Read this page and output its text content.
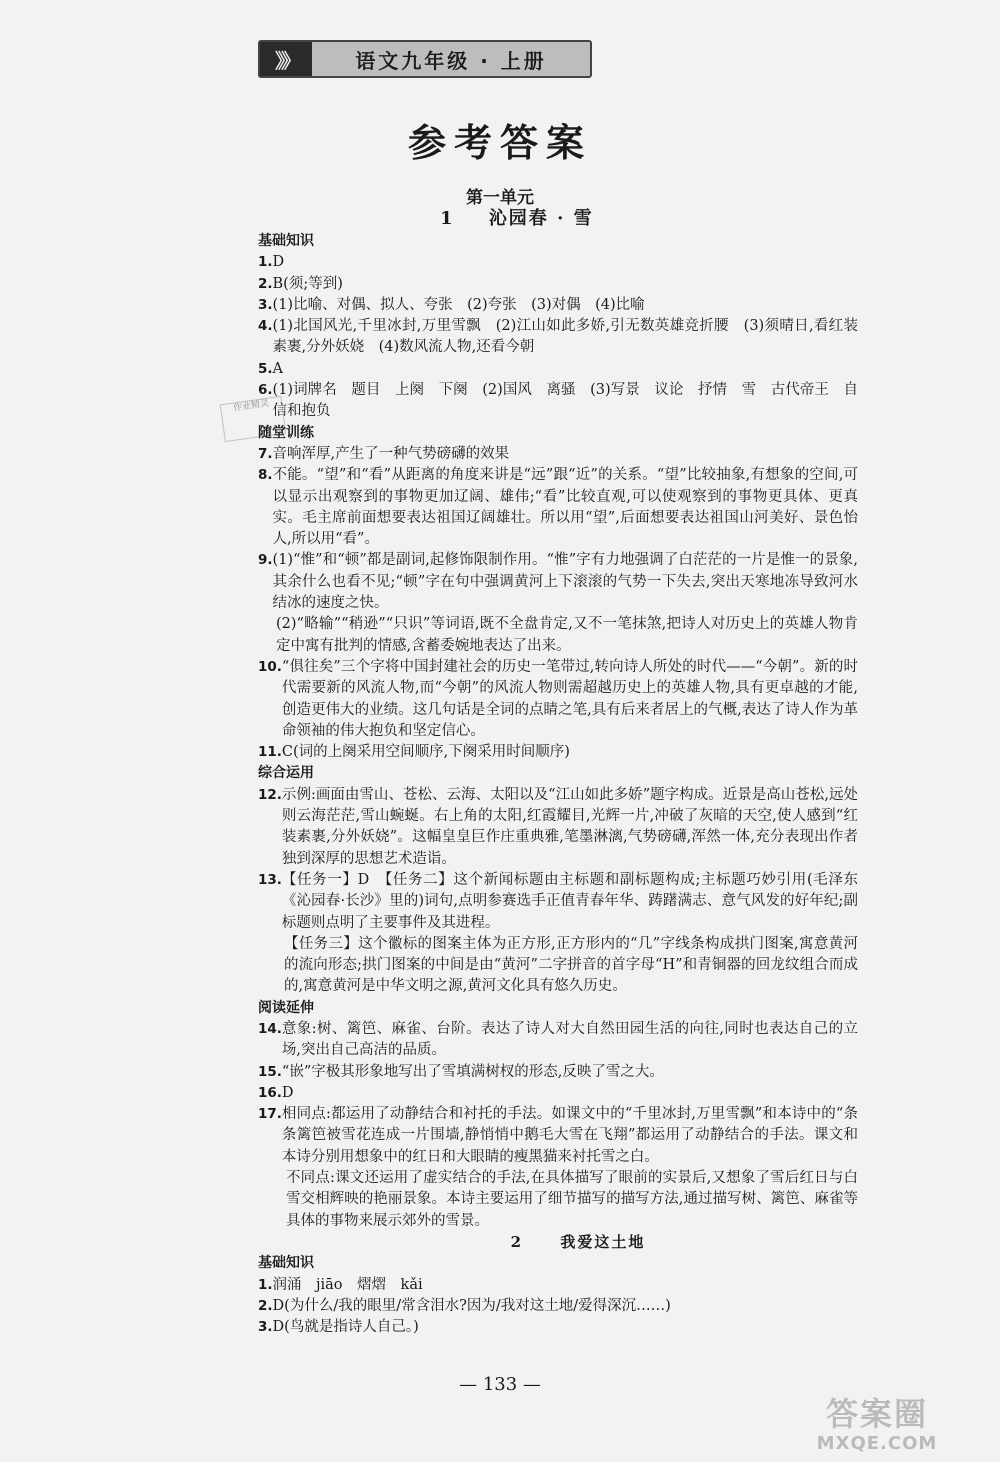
》》	语文九年级 · 上册
参考答案
第一单元
1 沁园春 · 雪
作业精灵
基础知识
1. D
2. B(须;等到)
3. (1)比喻、对偶、拟人、夸张　(2)夸张　(3)对偶　(4)比喻
4. (1)北国风光,千里冰封,万里雪飘　(2)江山如此多娇,引无数英雄竞折腰　(3)须晴日,看红装素裹,分外妖娆　(4)数风流人物,还看今朝
5. A
6. (1)词牌名　题目　上阕　下阕　(2)国风　离骚　(3)写景　议论　抒情　雪　古代帝王　自信和抱负
随堂训练
7. 音响浑厚,产生了一种气势磅礴的效果
8. 不能。“望”和“看”从距离的角度来讲是“远”跟“近”的关系。“望”比较抽象,有想象的空间,可以显示出观察到的事物更加辽阔、雄伟;“看”比较直观,可以使观察到的事物更具体、更真实。毛主席前面想要表达祖国辽阔雄壮。所以用“望”,后面想要表达祖国山河美好、景色怡人,所以用“看”。
9. (1)“惟”和“顿”都是副词,起修饰限制作用。“惟”字有力地强调了白茫茫的一片是惟一的景象,其余什么也看不见;“顿”字在句中强调黄河上下滚滚的气势一下失去,突出天寒地冻导致河水结冰的速度之快。
(2)“略输”“稍逊”“只识”等词语,既不全盘肯定,又不一笔抹煞,把诗人对历史上的英雄人物肯定中寓有批判的情感,含蓄委婉地表达了出来。
10. “俱往矣”三个字将中国封建社会的历史一笔带过,转向诗人所处的时代——“今朝”。新的时代需要新的风流人物,而“今朝”的风流人物则需超越历史上的英雄人物,具有更卓越的才能,创造更伟大的业绩。这几句话是全词的点睛之笔,具有后来者居上的气概,表达了诗人作为革命领袖的伟大抱负和坚定信心。
11. C(词的上阕采用空间顺序,下阕采用时间顺序)
综合运用
12. 示例:画面由雪山、苍松、云海、太阳以及“江山如此多娇”题字构成。近景是高山苍松,远处则云海茫茫,雪山蜿蜒。右上角的太阳,红霞耀目,光辉一片,冲破了灰暗的天空,使人感到“红装素裹,分外妖娆”。这幅皇皇巨作庄重典雅,笔墨淋漓,气势磅礴,浑然一体,充分表现出作者独到深厚的思想艺术造诣。
13. 【任务一】D　【任务二】这个新闻标题由主标题和副标题构成;主标题巧妙引用(毛泽东《沁园春·长沙》里的)词句,点明参赛选手正值青春年华、踌躇满志、意气风发的好年纪;副标题则点明了主要事件及其进程。
【任务三】这个徽标的图案主体为正方形,正方形内的“几”字线条构成拱门图案,寓意黄河的流向形态;拱门图案的中间是由“黄河”二字拼音的首字母“H”和青铜器的回龙纹组合而成的,寓意黄河是中华文明之源,黄河文化具有悠久历史。
阅读延伸
14. 意象:树、篱笆、麻雀、台阶。表达了诗人对大自然田园生活的向往,同时也表达自己的立场,突出自己高洁的品质。
15. “嵌”字极其形象地写出了雪填满树杈的形态,反映了雪之大。
16. D
17. 相同点:都运用了动静结合和衬托的手法。如课文中的“千里冰封,万里雪飘”和本诗中的“条条篱笆被雪花连成一片围墙,静悄悄中鹅毛大雪在飞翔”都运用了动静结合的手法。课文和本诗分别用想象中的红日和大眼睛的瘦黑猫来衬托雪之白。
不同点:课文还运用了虚实结合的手法,在具体描写了眼前的实景后,又想象了雪后红日与白雪交相辉映的艳丽景象。本诗主要运用了细节描写的描写方法,通过描写树、篱笆、麻雀等具体的事物来展示郊外的雪景。
2 我爱这土地
基础知识
1. 润涌　jiāo　熠熠　kǎi
2. D(为什么/我的眼里/常含泪水?因为/我对这土地/爱得深沉……)
3. D(鸟就是指诗人自己。)
— 133 —
答案圈
MXQE.COM
